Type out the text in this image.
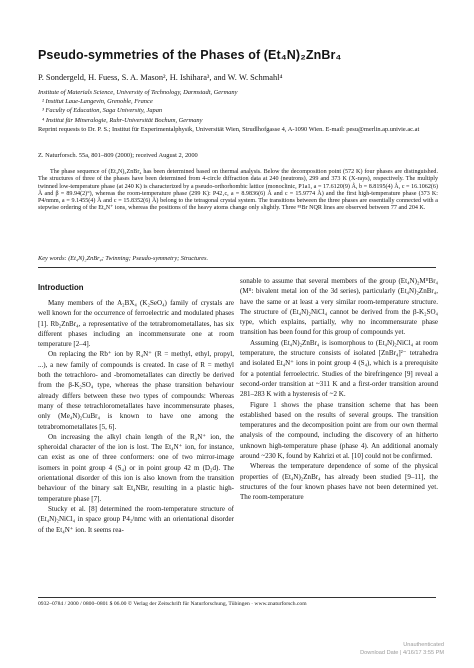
Pseudo-symmetries of the Phases of (Et₄N)₂ZnBr₄
P. Sondergeld, H. Fuess, S. A. Mason², H. Ishihara³, and W. W. Schmahl⁴
Institute of Materials Science, University of Technology, Darmstadt, Germany
² Institut Laue-Langevin, Grenoble, France
³ Faculty of Education, Saga University, Japan
⁴ Institut für Mineralogie, Ruhr-Universität Bochum, Germany
Reprint requests to Dr. P. S.; Institut für Experimentalphysik, Universität Wien, Strudlhofgasse 4, A-1090 Wien. E-mail: pesu@merlin.ap.univie.ac.at
Z. Naturforsch. 55a, 801–809 (2000); received August 2, 2000
The phase sequence of (Et₄N)₂ZnBr₄ has been determined based on thermal analysis. Below the decomposition point (572 K) four phases are distinguished. The structures of three of the phases have been determined from 4-circle diffraction data at 240 (neutrons), 299 and 373 K (X-rays), respectively. The multiply twinned low-temperature phase (at 240 K) is characterized by a pseudo-orthorhombic lattice (monoclinic, P1a1, a = 17.6120(9) Å, b = 8.8195(4) Å, c = 16.1062(6) Å and β = 89.94(2)°), whereas the room-temperature phase (299 K): P42₁c, a = 8.9836(6) Å and c = 15.9774 Å) and the first high-temperature phase (373 K: P4/nmm, a = 9.1455(4) Å and c = 15.8352(6) Å) belong to the tetragonal crystal system. The transitions between the three phases are essentially connected with a stepwise ordering of the Et₄N⁺ ions, whereas the positions of the heavy atoms change only slightly. Three ⁸¹Br NQR lines are observed between 77 and 204 K.
Key words: (Et₄N)₂ZnBr₄; Twinning; Pseudo-symmetry; Structures.
Introduction

Many members of the A₂BX₄ (K₂SeO₄) family of crystals are well known for the occurrence of ferroelectric and modulated phases [1]. Rb₂ZnBr₄, a representative of the tetrabromometallates, has six different phases including an incommensurate one at room temperature [2–4].

On replacing the Rb⁺ ion by R₄N⁺ (R = methyl, ethyl, propyl, ...), a new family of compounds is created. In case of R = methyl both the tetrachloro- and -bromometallates can directly be derived from the β-K₂SO₄ type, whereas the phase transition behaviour already differs between these two types of compounds: Whereas many of these tetrachlorometallates have incommensurate phases, only (Me₄N)₂CuBr₄ is known to have one among the tetrabromometallates [5, 6].

On increasing the alkyl chain length of the R₄N⁺ ion, the spheroidal character of the ion is lost. The Et₄N⁺ ion, for instance, can exist as one of three conformers: one of two mirror-image isomers in point group 4 (S₄) or in point group 42 m (D₂d). The orientational disorder of this ion is also known from the transition behaviour of the binary salt Et₄NBr, resulting in a plastic high-temperature phase [7].

Stucky et al. [8] determined the room-temperature structure of (Et₄N)₂NiCl₄ in space group P4₂/nmc with an orientational disorder of the Et₄N⁺ ion. It seems rea-

sonable to assume that several members of the group (Et₄N)₂MᴵᴵBr₄ (Mᴵᴵ: bivalent metal ion of the 3d series), particularly (Et₄N)₂ZnBr₄, have the same or at least a very similar room-temperature structure. The structure of (Et₄N)₂NiCl₄ cannot be derived from the β-K₂SO₄ type, which explains, partially, why no incommensurate phase transition has been found for this group of compounds yet.

Assuming (Et₄N)₂ZnBr₄ is isomorphous to (Et₄N)₂NiCl₄ at room temperature, the structure consists of isolated [ZnBr₄]²⁻ tetrahedra and isolated Et₄N⁺ ions in point group 4 (S₄), which is a prerequisite for a potential ferroelectric. Studies of the birefringence [9] reveal a second-order transition at ~311 K and a first-order transition around 281–283 K with a hysteresis of ~2 K.

Figure 1 shows the phase transition scheme that has been established based on the results of several groups. The transition temperatures and the decomposition point are from our own thermal analysis of the compound, including the discovery of an hitherto unknown high-temperature phase (phase 4). An additional anomaly around ~230 K, found by Kahrizi et al. [10] could not be confirmed.

Whereas the temperature dependence of some of the physical properties of (Et₄N)₂ZnBr₄ has already been studied [9–11], the structures of the four known phases have not been determined yet. The room-temperature

0932–0784 / 2000 / 0800–0801 $ 06.00 © Verlag der Zeitschrift für Naturforschung, Tübingen · www.znaturforsch.com
Unauthenticated
Download Date | 4/16/17 3:55 PM
